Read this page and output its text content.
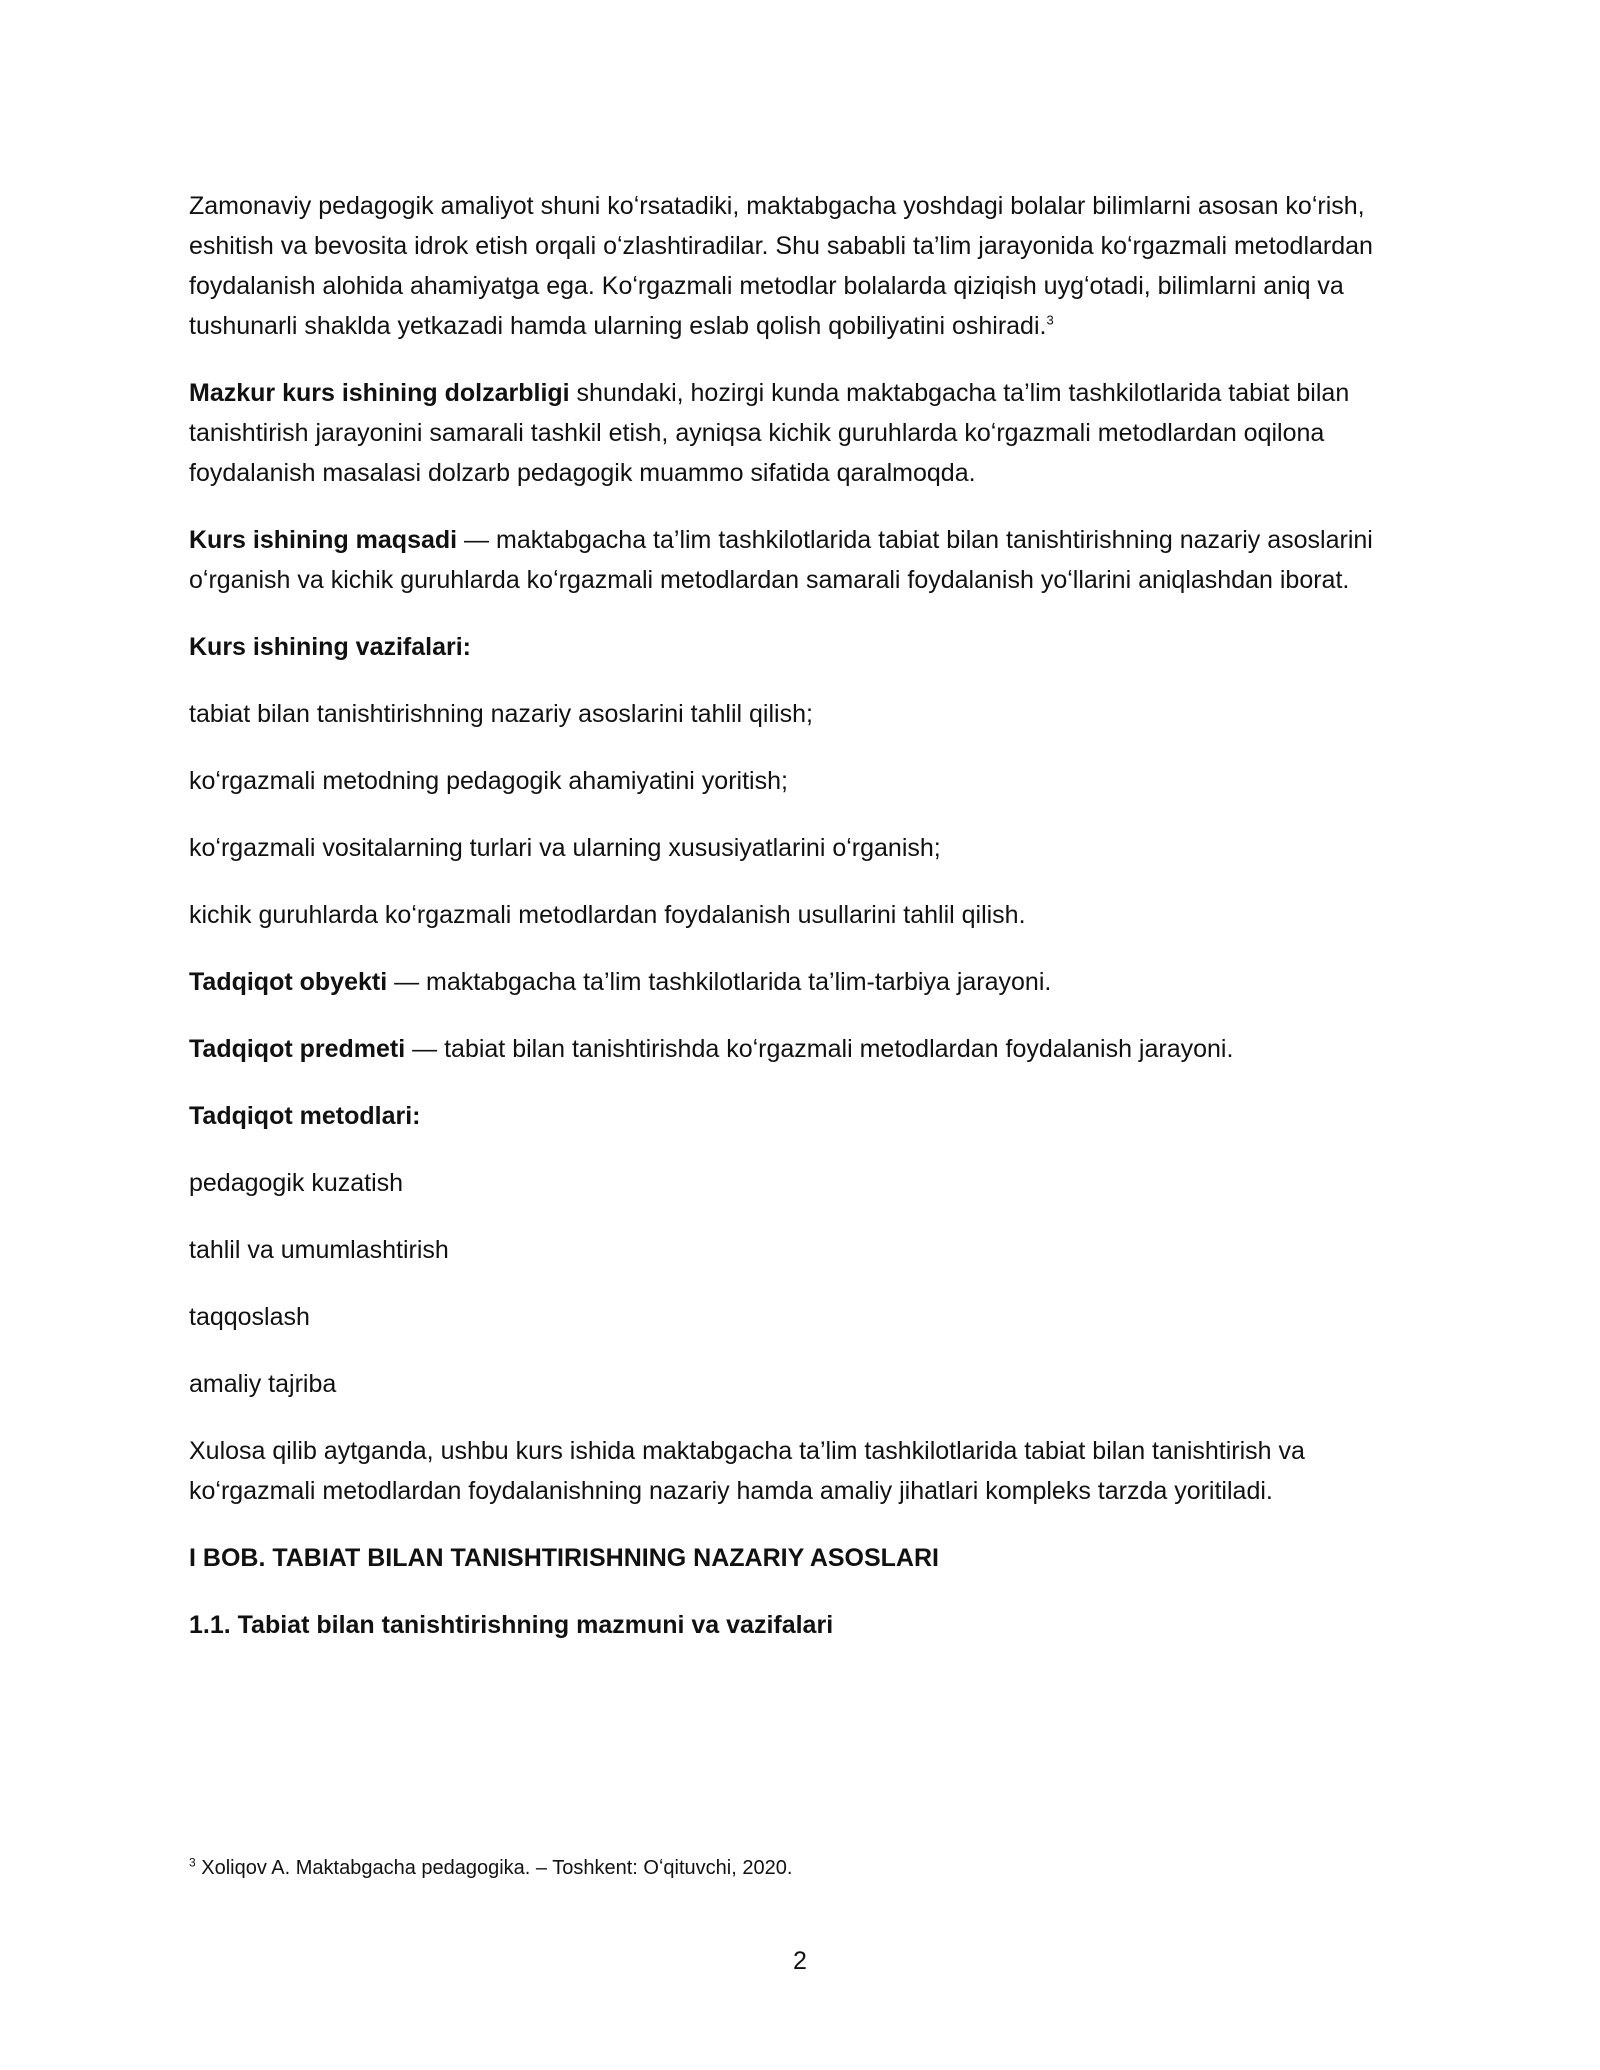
Zamonaviy pedagogik amaliyot shuni koʻrsatadiki, maktabgacha yoshdagi bolalar bilimlarni asosan koʻrish, eshitish va bevosita idrok etish orqali oʻzlashtiradilar. Shu sababli ta’lim jarayonida koʻrgazmali metodlardan foydalanish alohida ahamiyatga ega. Koʻrgazmali metodlar bolalarda qiziqish uygʻotadi, bilimlarni aniq va tushunarli shaklda yetkazadi hamda ularning eslab qolish qobiliyatini oshiradi.$^3$

Mazkur kurs ishining dolzarbligi shundaki, hozirgi kunda maktabgacha ta’lim tashkilotlarida tabiat bilan tanishtirish jarayonini samarali tashkil etish, ayniqsa kichik guruhlarda koʻrgazmali metodlardan oqilona foydalanish masalasi dolzarb pedagogik muammo sifatida qaralmoqda.

Kurs ishining maqsadi — maktabgacha ta’lim tashkilotlarida tabiat bilan tanishtirishning nazariy asoslarini oʻrganish va kichik guruhlarda koʻrgazmali metodlardan samarali foydalanish yoʻllarini aniqlashdan iborat.

Kurs ishining vazifalari:

tabiat bilan tanishtirishning nazariy asoslarini tahlil qilish;

koʻrgazmali metodning pedagogik ahamiyatini yoritish;

koʻrgazmali vositalarning turlari va ularning xususiyatlarini oʻrganish;

kichik guruhlarda koʻrgazmali metodlardan foydalanish usullarini tahlil qilish.

Tadqiqot obyekti — maktabgacha ta’lim tashkilotlarida ta’lim-tarbiya jarayoni.

Tadqiqot predmeti — tabiat bilan tanishtirishda koʻrgazmali metodlardan foydalanish jarayoni.

Tadqiqot metodlari:

pedagogik kuzatish

tahlil va umumlashtirish

taqqoslash

amaliy tajriba

Xulosa qilib aytganda, ushbu kurs ishida maktabgacha ta’lim tashkilotlarida tabiat bilan tanishtirish va koʻrgazmali metodlardan foydalanishning nazariy hamda amaliy jihatlari kompleks tarzda yoritiladi.

I BOB. TABIAT BILAN TANISHTIRISHNING NAZARIY ASOSLARI

1.1. Tabiat bilan tanishtirishning mazmuni va vazifalari

$^3$ Xoliqov A. Maktabgacha pedagogika. – Toshkent: Oʻqituvchi, 2020.
2
